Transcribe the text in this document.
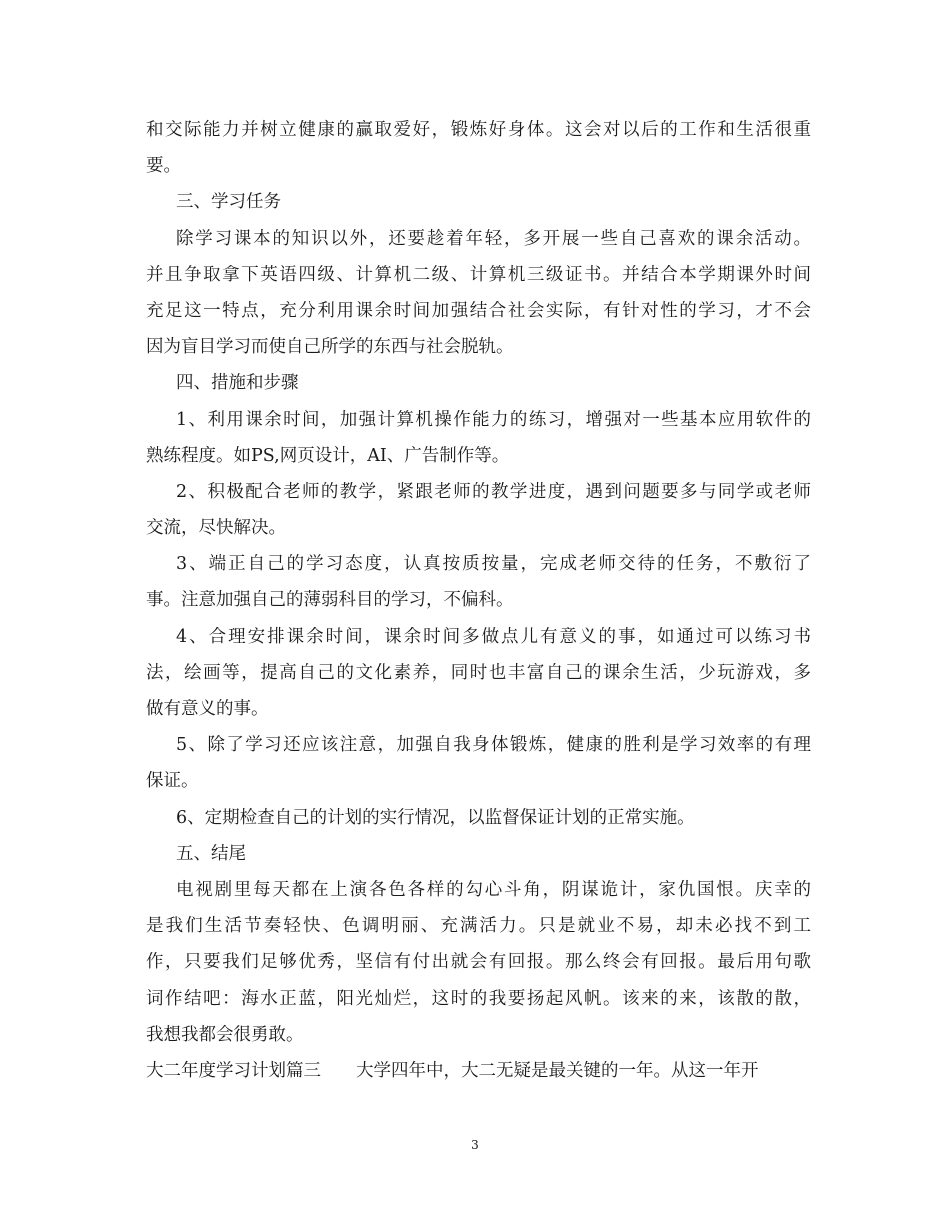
和交际能力并树立健康的赢取爱好，锻炼好身体。这会对以后的工作和生活很重
要。
三、学习任务
除学习课本的知识以外，还要趁着年轻，多开展一些自己喜欢的课余活动。
并且争取拿下英语四级、计算机二级、计算机三级证书。并结合本学期课外时间
充足这一特点，充分利用课余时间加强结合社会实际，有针对性的学习，才不会
因为盲目学习而使自己所学的东西与社会脱轨。
四、措施和步骤
1、利用课余时间，加强计算机操作能力的练习，增强对一些基本应用软件的
熟练程度。如PS,网页设计，AI、广告制作等。
2、积极配合老师的教学，紧跟老师的教学进度，遇到问题要多与同学或老师
交流，尽快解决。
3、端正自己的学习态度，认真按质按量，完成老师交待的任务，不敷衍了
事。注意加强自己的薄弱科目的学习，不偏科。
4、合理安排课余时间，课余时间多做点儿有意义的事，如通过可以练习书
法，绘画等，提高自己的文化素养，同时也丰富自己的课余生活，少玩游戏，多
做有意义的事。
5、除了学习还应该注意，加强自我身体锻炼，健康的胜利是学习效率的有理
保证。
6、定期检查自己的计划的实行情况，以监督保证计划的正常实施。
五、结尾
电视剧里每天都在上演各色各样的勾心斗角，阴谋诡计，家仇国恨。庆幸的
是我们生活节奏轻快、色调明丽、充满活力。只是就业不易，却未必找不到工
作，只要我们足够优秀，坚信有付出就会有回报。那么终会有回报。最后用句歌
词作结吧：海水正蓝，阳光灿烂，这时的我要扬起风帆。该来的来，该散的散，
我想我都会很勇敢。
大二年度学习计划篇三　　大学四年中，大二无疑是最关键的一年。从这一年开
3
